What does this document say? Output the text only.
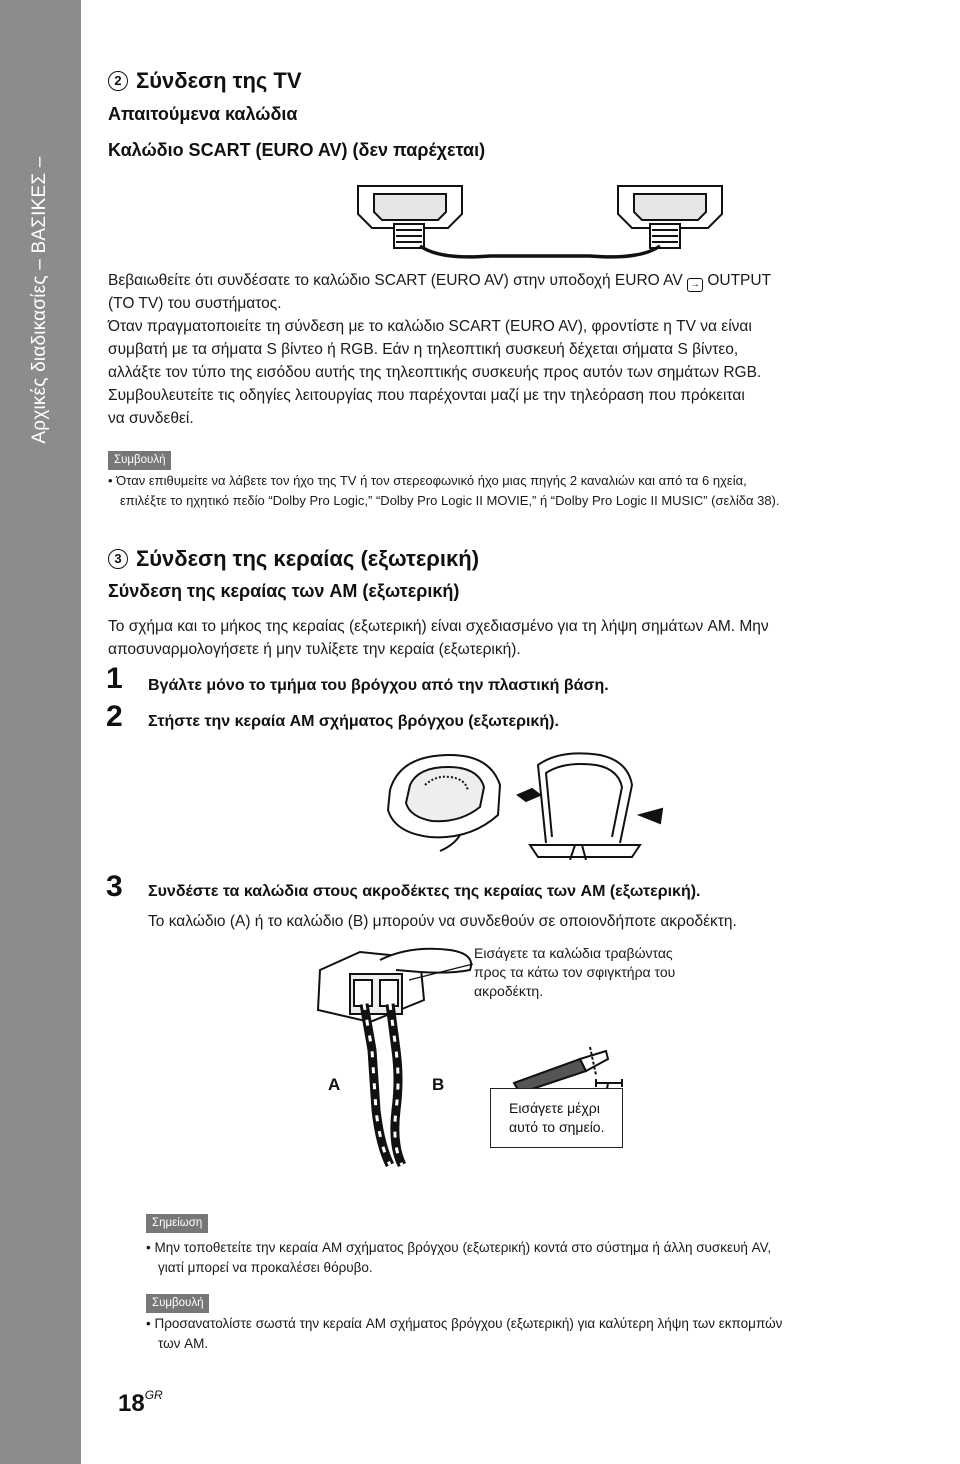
Αρχικές διαδικασίες – ΒΑΣΙΚΕΣ –
2 Σύνδεση της TV
Απαιτούμενα καλώδια
Καλώδιο SCART (EURO AV) (δεν παρέχεται)
Βεβαιωθείτε ότι συνδέσατε το καλώδιο SCART (EURO AV) στην υποδοχή EURO AV → OUTPUT
(TO TV) του συστήματος.
Όταν πραγματοποιείτε τη σύνδεση με το καλώδιο SCART (EURO AV), φροντίστε η TV να είναι
συμβατή με τα σήματα S βίντεο ή RGB. Εάν η τηλεοπτική συσκευή δέχεται σήματα S βίντεο,
αλλάξτε τον τύπο της εισόδου αυτής της τηλεοπτικής συσκευής προς αυτόν των σημάτων RGB.
Συμβουλευτείτε τις οδηγίες λειτουργίας που παρέχονται μαζί με την τηλεόραση που πρόκειται
να συνδεθεί.
Συμβουλή
• Όταν επιθυμείτε να λάβετε τον ήχο της TV ή τον στερεοφωνικό ήχο μιας πηγής 2 καναλιών και από τα 6 ηχεία,
επιλέξτε το ηχητικό πεδίο “Dolby Pro Logic,” “Dolby Pro Logic II MOVIE,” ή “Dolby Pro Logic II MUSIC” (σελίδα 38).
3 Σύνδεση της κεραίας (εξωτερική)
Σύνδεση της κεραίας των AM (εξωτερική)
Το σχήμα και το μήκος της κεραίας (εξωτερική) είναι σχεδιασμένο για τη λήψη σημάτων AM. Μην
αποσυναρμολογήσετε ή μην τυλίξετε την κεραία (εξωτερική).
1 Βγάλτε μόνο το τμήμα του βρόγχου από την πλαστική βάση.
2 Στήστε την κεραία AM σχήματος βρόγχου (εξωτερική).
3 Συνδέστε τα καλώδια στους ακροδέκτες της κεραίας των AM (εξωτερική).
Το καλώδιο (A) ή το καλώδιο (B) μπορούν να συνδεθούν σε οποιονδήποτε ακροδέκτη.
Εισάγετε τα καλώδια τραβώντας
προς τα κάτω τον σφιγκτήρα του
ακροδέκτη.
A	B
Εισάγετε μέχρι
αυτό το σημείο.
Σημείωση
• Μην τοποθετείτε την κεραία AM σχήματος βρόγχου (εξωτερική) κοντά στο σύστημα ή άλλη συσκευή AV,
γιατί μπορεί να προκαλέσει θόρυβο.
Συμβουλή
• Προσανατολίστε σωστά την κεραία AM σχήματος βρόγχου (εξωτερική) για καλύτερη λήψη των εκπομπών
των AM.
$18^{GR}$
